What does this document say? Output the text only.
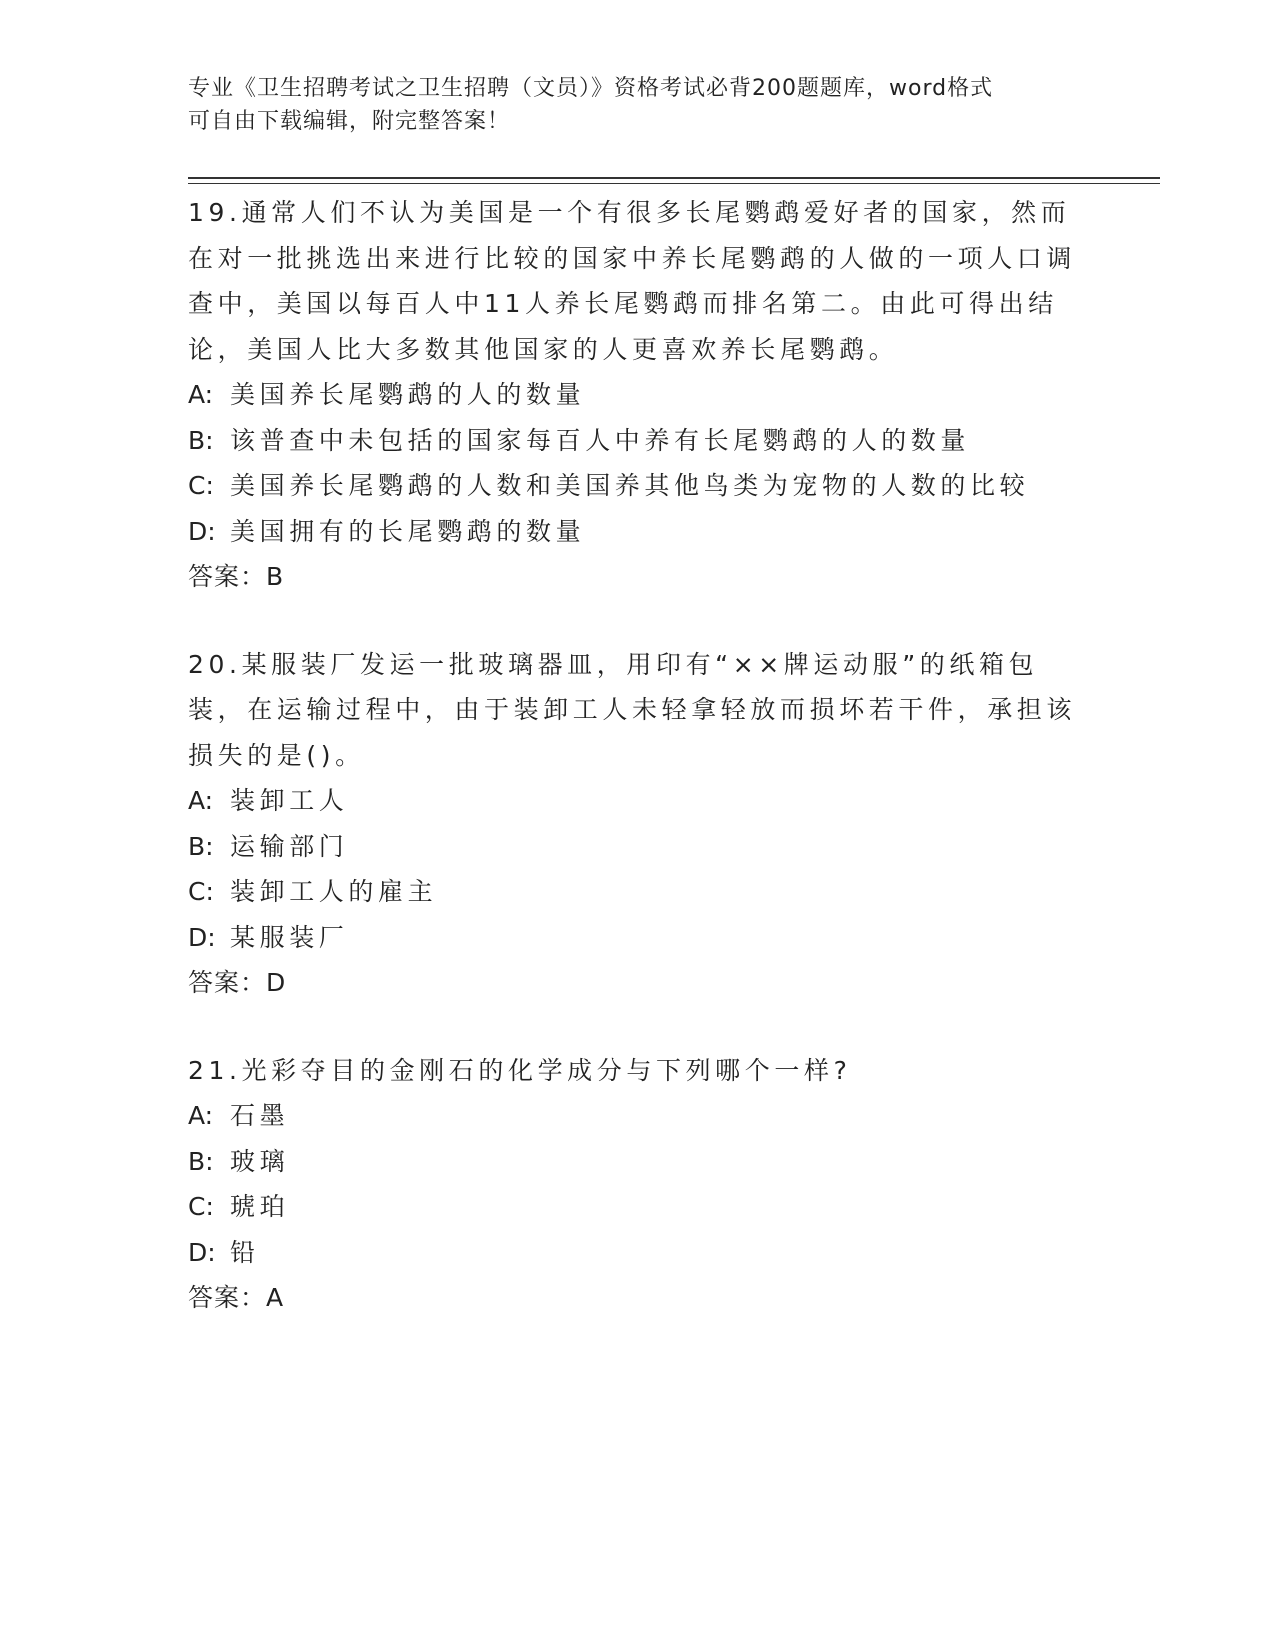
专业《卫生招聘考试之卫生招聘（文员）》资格考试必背200题题库，word格式
可自由下载编辑，附完整答案！
19.通常人们不认为美国是一个有很多长尾鹦鹉爱好者的国家，然而在对一批挑选出来进行比较的国家中养长尾鹦鹉的人做的一项人口调查中，美国以每百人中11人养长尾鹦鹉而排名第二。由此可得出结论，美国人比大多数其他国家的人更喜欢养长尾鹦鹉。
A: 美国养长尾鹦鹉的人的数量
B: 该普查中未包括的国家每百人中养有长尾鹦鹉的人的数量
C: 美国养长尾鹦鹉的人数和美国养其他鸟类为宠物的人数的比较
D: 美国拥有的长尾鹦鹉的数量
答案：B
20.某服装厂发运一批玻璃器皿，用印有“××牌运动服”的纸箱包装，在运输过程中，由于装卸工人未轻拿轻放而损坏若干件，承担该损失的是()。
A: 装卸工人
B: 运输部门
C: 装卸工人的雇主
D: 某服装厂
答案：D
21.光彩夺目的金刚石的化学成分与下列哪个一样?
A: 石墨
B: 玻璃
C: 琥珀
D: 铅
答案：A
